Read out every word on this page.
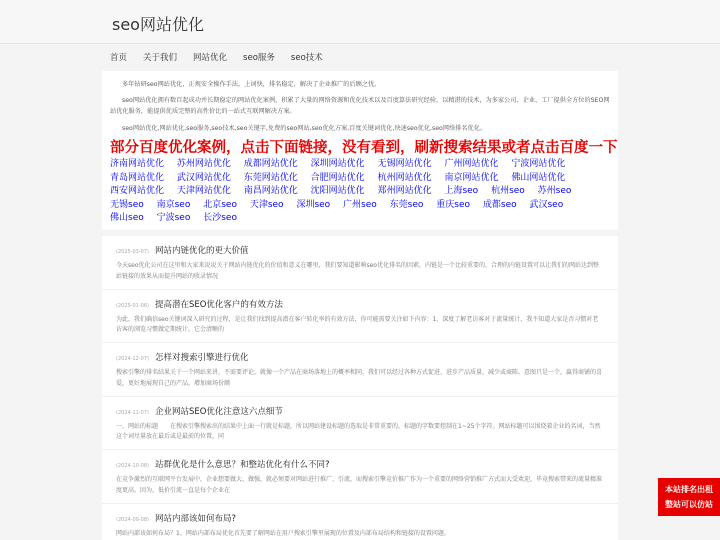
seo网站优化
首页	关于我们	网站优化	seo服务	seo技术

多年钻研seo网站优化，正规安全操作手法，上词快，排名稳定，解决了企业推广的后顾之忧。

seo网站优化拥有数百起成功并长期稳定的网站优化案例，积累了大量的网络资源和优化技术以及百度算法研究经验，以精湛的技术，为多家公司、企业、工厂提供全方位的SEO网站优化服务，能提供优质完整的高性价比的一站式互联网解决方案。

seo网站优化,网站优化,seo服务,seo技术,seo关键字,免费的seo网站,seo优化方案,百度关键词优化,快速seo优化,seo网络排名优化。

部分百度优化案例，点击下面链接，没有看到，刷新搜索结果或者点击百度一下
济南网站优化 苏州网站优化 成都网站优化 深圳网站优化 无锡网站优化 广州网站优化 宁波网站优化 青岛网站优化 武汉网站优化 东莞网站优化 合肥网站优化 杭州网站优化 南京网站优化 佛山网站优化 西安网站优化 天津网站优化 南昌网站优化 沈阳网站优化 郑州网站优化 上海seo 杭州seo 苏州seo 无锡seo 南京seo 北京seo 天津seo 深圳seo 广州seo 东莞seo 重庆seo 成都seo 武汉seo 佛山seo 宁波seo 长沙seo
(2025-03-07) 网站内链优化的更大价值
今天seo优化公司在这里和大家来说说关于网站内链优化的价值和意义在哪里，我们要知道影响seo优化排名的因素，内链是一个比较重要的，合理的内链设置可以让我们的网站达到整站链接的效果从而提升网站的收录情况
(2025-01-06) 提高潜在SEO优化客户的有效方法
为此，我们确信seo关键词深入研究的过程，是让我们找到提高潜在客户转化率的有效方法，你可能需要关注如下内容：1、深度了解老访客对于流量统计，我不知道大家是否习惯对老访客的浏览习惯做定期统计，它会清晰的
(2024-12-07) 怎样对搜索引擎进行优化
搜索引擎的排名结果关于一个网站来讲，不需要评论，就像一个产品在商场落地上的概率相同，我们可以经过各种方式促进、进步产品质量、减少或商陈。意图只是一个，赢得商铺的喜爱，更好地展现自己的产品，增加商场份额
(2024-11-07) 企业网站SEO优化注意这六点细节
一、网站的标题　　在搜索引擎搜索出的结果中上面一行就是标题，所以网站建设标题的选取是非常重要的，标题的字数要控制在1~25个字符。网站标题可以围绕着企业的名词，当然这个词尽量放在最后或是最前的位置，同
(2024-10-08) 站群优化是什么意思？和整站优化有什么不同?
在竞争激烈的互联网平台发展中，企业想要做大、做强，就必须要对网站进行推广、引流，而搜索引擎竞价推广作为一个重要的网络营销推广方式而大受欢迎，毕竟搜索带来的流量精准度更高。因为，低价引流一直是每个企业在
(2024-09-08) 网站内部该如何布局?
网站内部该如何布局？1、网站内部布局优化首先要了解网站在用户搜索引擎里展现的位置及内部布局结构和链接的设置问题。
本站排名出租
整站可以仿站
